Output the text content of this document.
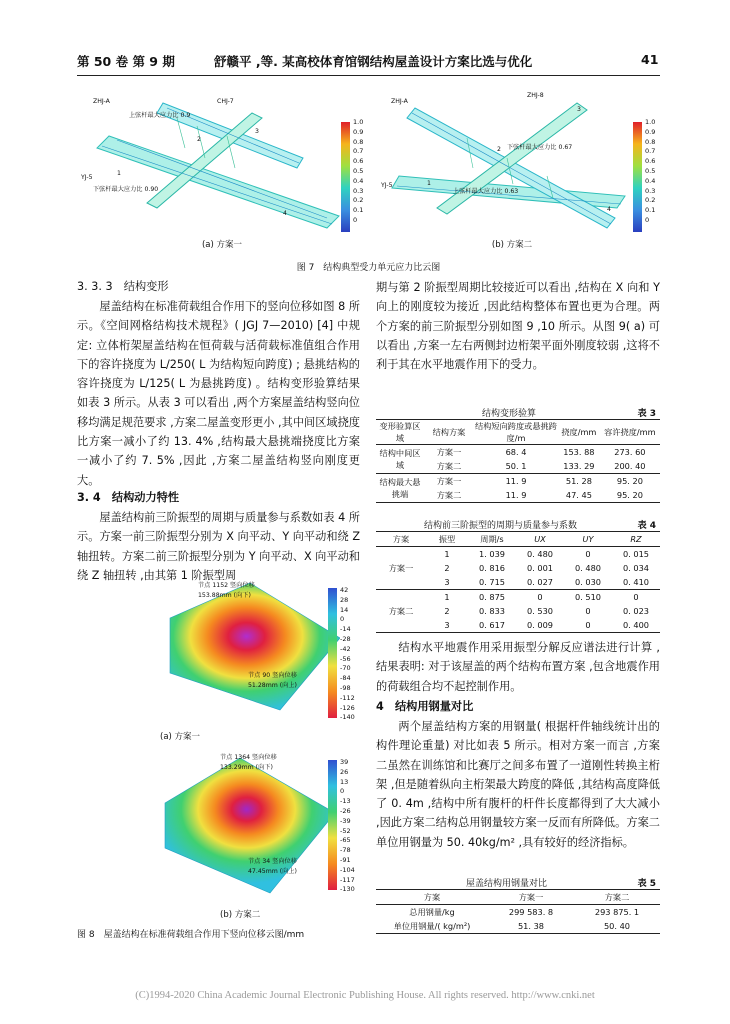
第 50 卷 第 9 期	舒赣平 ,等. 某高校体育馆钢结构屋盖设计方案比选与优化	41
ZHJ-A	CHJ-7
上弦杆最大应力比 0.9
下弦杆最大应力比 0.90
YJ-5
1
2
3
4
1.0
0.9
0.8
0.7
0.6
0.5
0.4
0.3
0.2
0.1
0
(a) 方案一
ZHJ-A
ZHJ-8
下弦杆最大应力比 0.67
上弦杆最大应力比 0.63
YJ-5	1
2
3
4
1.0
0.9
0.8
0.7
0.6
0.5
0.4
0.3
0.2
0.1
0
(b) 方案二
图 7　结构典型受力单元应力比云图
3. 3. 3　结构变形

屋盖结构在标准荷载组合作用下的竖向位移如图 8 所示。《空间网格结构技术规程》( JGJ 7—2010) [4] 中规定: 立体桁架屋盖结构在恒荷载与活荷载标准值组合作用下的容许挠度为 L/250( L 为结构短向跨度) ; 悬挑结构的容许挠度为 L/125( L 为悬挑跨度) 。结构变形验算结果如表 3 所示。从表 3 可以看出 ,两个方案屋盖结构竖向位移均满足规范要求 ,方案二屋盖变形更小 ,其中间区域挠度比方案一减小了约 13. 4% ,结构最大悬挑端挠度比方案一减小了约 7. 5% ,因此 ,方案二屋盖结构竖向刚度更大。

3. 4　结构动力特性

屋盖结构前三阶振型的周期与质量参与系数如表 4 所示。方案一前三阶振型分别为 X 向平动、Y 向平动和绕 Z 轴扭转。方案二前三阶振型分别为 Y 向平动、X 向平动和绕 Z 轴扭转 ,由其第 1 阶振型周

42
28
14
0
-14
-28
-42
-56
-70
-84
-98
-112
-126
-140
节点 1152 竖向位移
153.88mm (向下)
节点 90 竖向位移
51.28mm (向上)
(a) 方案一
39
26
13
0
-13
-26
-39
-52
-65
-78
-91
-104
-117
-130
节点 1364 竖向位移
133.29mm (向下)
节点 34 竖向位移
47.45mm (向上)
(b) 方案二
图 8　屋盖结构在标准荷载组合作用下竖向位移云图/mm

期与第 2 阶振型周期比较接近可以看出 ,结构在 X 向和 Y 向上的刚度较为接近 ,因此结构整体布置也更为合理。两个方案的前三阶振型分别如图 9 ,10 所示。从图 9( a) 可以看出 ,方案一左右两侧封边桁架平面外刚度较弱 ,这将不利于其在水平地震作用下的受力。

结构变形验算	表 3
变形验算区域	结构方案	结构短向跨度或悬挑跨度/m	挠度/mm	容许挠度/mm
结构中间区域	方案一	68. 4	153. 88	273. 60
	方案二	50. 1	133. 29	200. 40
结构最大悬挑端	方案一	11. 9	51. 28	95. 20
	方案二	11. 9	47. 45	95. 20
结构前三阶振型的周期与质量参与系数	表 4
方案	振型	周期/s	UX	UY	RZ
方案一	1	1. 039	0. 480	0	0. 015
	2	0. 816	0. 001	0. 480	0. 034
	3	0. 715	0. 027	0. 030	0. 410
方案二	1	0. 875	0	0. 510	0
	2	0. 833	0. 530	0	0. 023
	3	0. 617	0. 009	0	0. 400

结构水平地震作用采用振型分解反应谱法进行计算 ,结果表明: 对于该屋盖的两个结构布置方案 ,包含地震作用的荷载组合均不起控制作用。

4　结构用钢量对比

两个屋盖结构方案的用钢量( 根据杆件轴线统计出的构件理论重量) 对比如表 5 所示。相对方案一而言 ,方案二虽然在训练馆和比赛厅之间多布置了一道刚性转换主桁架 ,但是随着纵向主桁架最大跨度的降低 ,其结构高度降低了 0. 4m ,结构中所有腹杆的杆件长度都得到了大大减小 ,因此方案二结构总用钢量较方案一反而有所降低。方案二单位用钢量为 50. 40kg/m² ,具有较好的经济指标。

屋盖结构用钢量对比	表 5
方案	方案一	方案二
总用钢量/kg	299 583. 8	293 875. 1
单位用钢量/( kg/m²)	51. 38	50. 40
(C)1994-2020 China Academic Journal Electronic Publishing House. All rights reserved. http://www.cnki.net
